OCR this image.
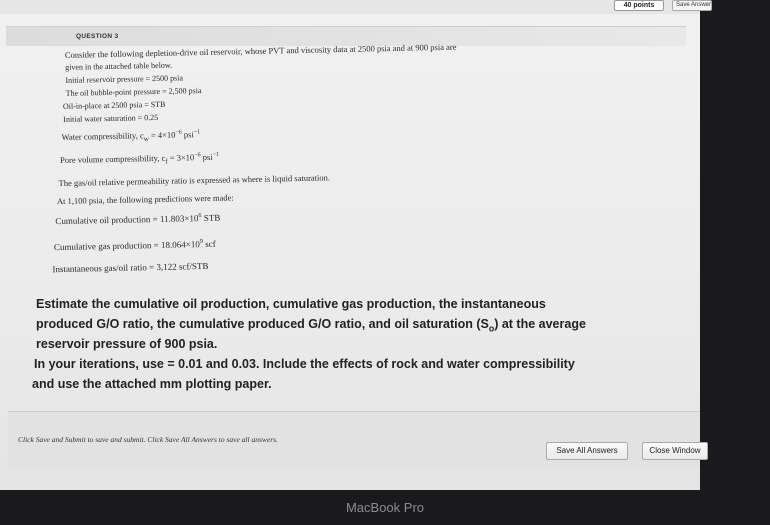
40 points	Save Answer
QUESTION 3
Consider the following depletion-drive oil reservoir, whose PVT and viscosity data at 2500 psia and at 900 psia are
given in the attached table below.
Initial reservoir pressure = 2500 psia
The oil bubble-point pressure = 2,500 psia
Oil-in-place at 2500 psia = STB
Initial water saturation = 0.25
Water compressibility, $c_w = 4\times 10^{-6}$ psi$^{-1}$
Pore volume compressibility, $c_f = 3\times 10^{-6}$ psi$^{-1}$
The gas/oil relative permeability ratio is expressed as where is liquid saturation.
At 1,100 psia, the following predictions were made:
Cumulative oil production = $11.803\times 10^6$ STB
Cumulative gas production = $18.064\times 10^9$ scf
Instantaneous gas/oil ratio = 3,122 scf/STB
Estimate the cumulative oil production, cumulative gas production, the instantaneous
produced G/O ratio, the cumulative produced G/O ratio, and oil saturation $(S_o)$ at the average
reservoir pressure of 900 psia.
In your iterations, use = 0.01 and 0.03. Include the effects of rock and water compressibility
and use the attached mm plotting paper.
Click Save and Submit to save and submit. Click Save All Answers to save all answers.
Save All Answers	Close Window
MacBook Pro
